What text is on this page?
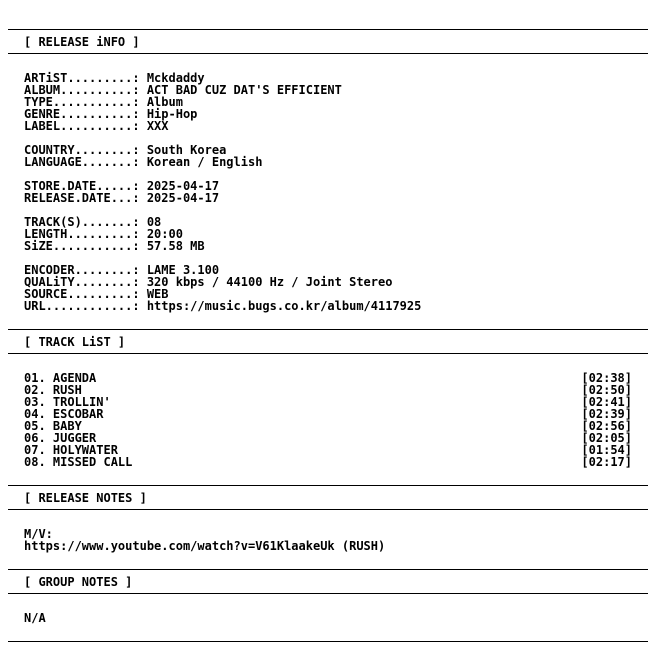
[ RELEASE iNFO ]
ARTiST.........: Mckdaddy
ALBUM..........: ACT BAD CUZ DAT'S EFFICIENT
TYPE...........: Album
GENRE..........: Hip-Hop
LABEL..........: XXX
COUNTRY........: South Korea
LANGUAGE.......: Korean / English
STORE.DATE.....: 2025-04-17
RELEASE.DATE...: 2025-04-17
TRACK(S).......: 08
LENGTH.........: 20:00
SiZE...........: 57.58 MB
ENCODER........: LAME 3.100
QUALiTY........: 320 kbps / 44100 Hz / Joint Stereo
SOURCE.........: WEB
URL............: https://music.bugs.co.kr/album/4117925
[ TRACK LiST ]
01. AGENDA	[02:38]
02. RUSH	[02:50]
03. TROLLIN'	[02:41]
04. ESCOBAR	[02:39]
05. BABY	[02:56]
06. JUGGER	[02:05]
07. HOLYWATER	[01:54]
08. MISSED CALL	[02:17]
[ RELEASE NOTES ]
M/V:
https://www.youtube.com/watch?v=V61KlaakeUk (RUSH)
[ GROUP NOTES ]
N/A
